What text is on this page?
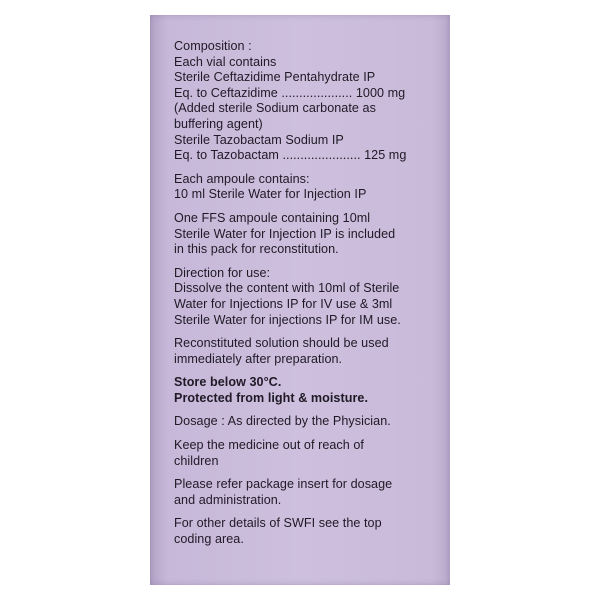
Composition :

Each vial contains

Sterile Ceftazidime Pentahydrate IP

Eq. to Ceftazidime .................... 1000 mg

(Added sterile Sodium carbonate as

buffering agent)

Sterile Tazobactam Sodium IP

Eq. to Tazobactam ...................... 125 mg

Each ampoule contains:

10 ml Sterile Water for Injection IP

One FFS ampoule containing 10ml

Sterile Water for Injection IP is included

in this pack for reconstitution.

Direction for use:

Dissolve the content with 10ml of Sterile

Water for Injections IP for IV use & 3ml

Sterile Water for injections IP for IM use.

Reconstituted solution should be used

immediately after preparation.

Store below 30°C.

Protected from light & moisture.

Dosage : As directed by the Physician.

Keep the medicine out of reach of

children

Please refer package insert for dosage

and administration.

For other details of SWFI see the top

coding area.
